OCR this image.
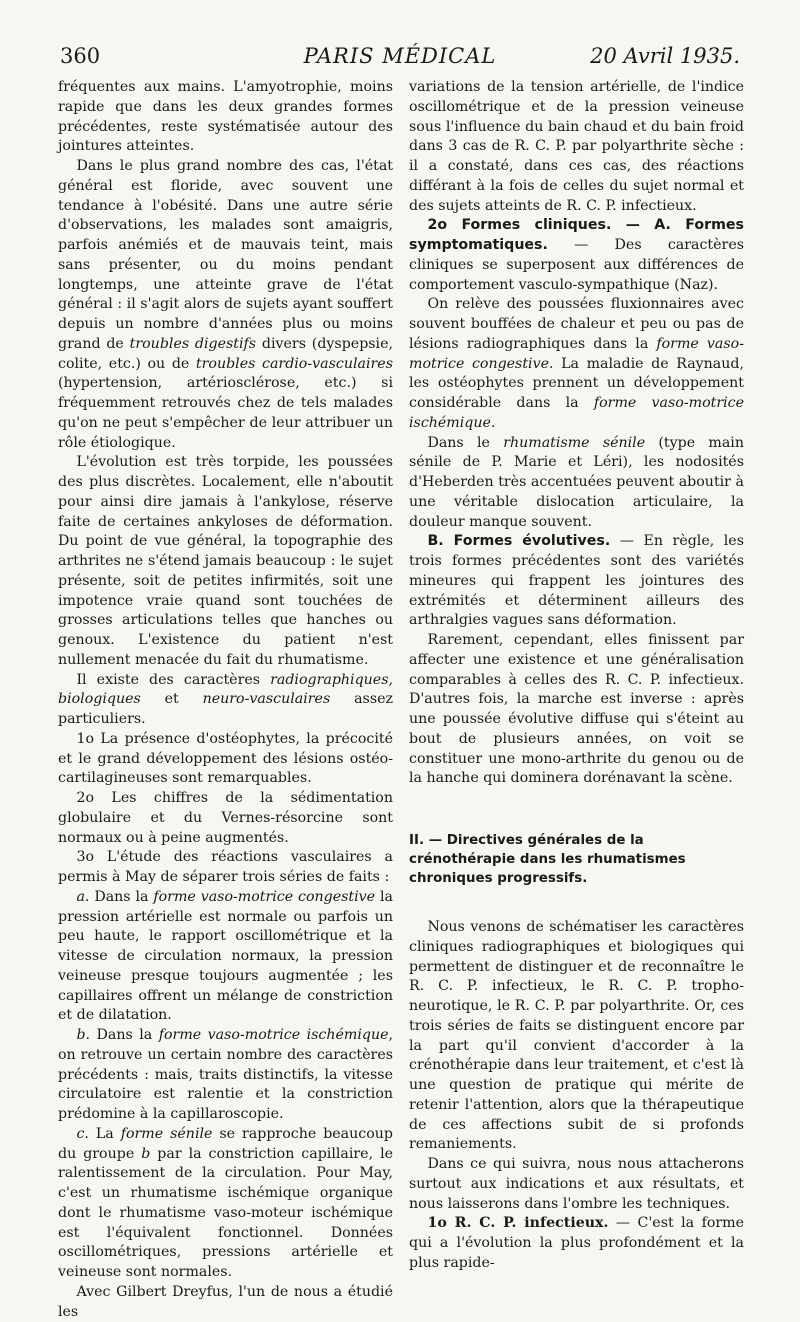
360	PARIS MÉDICAL	20 Avril 1935.

fréquentes aux mains. L'amyotrophie, moins rapide que dans les deux grandes formes précédentes, reste systématisée autour des jointures atteintes.

Dans le plus grand nombre des cas, l'état général est floride, avec souvent une tendance à l'obésité. Dans une autre série d'observations, les malades sont amaigris, parfois anémiés et de mauvais teint, mais sans présenter, ou du moins pendant longtemps, une atteinte grave de l'état général : il s'agit alors de sujets ayant souffert depuis un nombre d'années plus ou moins grand de troubles digestifs divers (dyspepsie, colite, etc.) ou de troubles cardio-vasculaires (hypertension, artériosclérose, etc.) si fréquemment retrouvés chez de tels malades qu'on ne peut s'empêcher de leur attribuer un rôle étiologique.

L'évolution est très torpide, les poussées des plus discrètes. Localement, elle n'aboutit pour ainsi dire jamais à l'ankylose, réserve faite de certaines ankyloses de déformation. Du point de vue général, la topographie des arthrites ne s'étend jamais beaucoup : le sujet présente, soit de petites infirmités, soit une impotence vraie quand sont touchées de grosses articulations telles que hanches ou genoux. L'existence du patient n'est nullement menacée du fait du rhumatisme.

Il existe des caractères radiographiques, biologiques et neuro-vasculaires assez particuliers.

1o La présence d'ostéophytes, la précocité et le grand développement des lésions ostéo-cartilagineuses sont remarquables.

2o Les chiffres de la sédimentation globulaire et du Vernes-résorcine sont normaux ou à peine augmentés.

3o L'étude des réactions vasculaires a permis à May de séparer trois séries de faits :

a. Dans la forme vaso-motrice congestive la pression artérielle est normale ou parfois un peu haute, le rapport oscillométrique et la vitesse de circulation normaux, la pression veineuse presque toujours augmentée ; les capillaires offrent un mélange de constriction et de dilatation.

b. Dans la forme vaso-motrice ischémique, on retrouve un certain nombre des caractères précédents : mais, traits distinctifs, la vitesse circulatoire est ralentie et la constriction prédomine à la capillaroscopie.

c. La forme sénile se rapproche beaucoup du groupe b par la constriction capillaire, le ralentissement de la circulation. Pour May, c'est un rhumatisme ischémique organique dont le rhumatisme vaso-moteur ischémique est l'équivalent fonctionnel. Données oscillométriques, pressions artérielle et veineuse sont normales.

Avec Gilbert Dreyfus, l'un de nous a étudié les

variations de la tension artérielle, de l'indice oscillométrique et de la pression veineuse sous l'influence du bain chaud et du bain froid dans 3 cas de R. C. P. par polyarthrite sèche : il a constaté, dans ces cas, des réactions différant à la fois de celles du sujet normal et des sujets atteints de R. C. P. infectieux.

2o Formes cliniques. — A. Formes symptomatiques. — Des caractères cliniques se superposent aux différences de comportement vasculo-sympathique (Naz).

On relève des poussées fluxionnaires avec souvent bouffées de chaleur et peu ou pas de lésions radiographiques dans la forme vaso-motrice congestive. La maladie de Raynaud, les ostéophytes prennent un développement considérable dans la forme vaso-motrice ischémique.

Dans le rhumatisme sénile (type main sénile de P. Marie et Léri), les nodosités d'Heberden très accentuées peuvent aboutir à une véritable dislocation articulaire, la douleur manque souvent.

B. Formes évolutives. — En règle, les trois formes précédentes sont des variétés mineures qui frappent les jointures des extrémités et déterminent ailleurs des arthralgies vagues sans déformation.

Rarement, cependant, elles finissent par affecter une existence et une généralisation comparables à celles des R. C. P. infectieux. D'autres fois, la marche est inverse : après une poussée évolutive diffuse qui s'éteint au bout de plusieurs années, on voit se constituer une mono-arthrite du genou ou de la hanche qui dominera dorénavant la scène.

II. — Directives générales de la crénothérapie dans les rhumatismes chroniques progressifs.

Nous venons de schématiser les caractères cliniques radiographiques et biologiques qui permettent de distinguer et de reconnaître le R. C. P. infectieux, le R. C. P. tropho-neurotique, le R. C. P. par polyarthrite. Or, ces trois séries de faits se distinguent encore par la part qu'il convient d'accorder à la crénothérapie dans leur traitement, et c'est là une question de pratique qui mérite de retenir l'attention, alors que la thérapeutique de ces affections subit de si profonds remaniements.

Dans ce qui suivra, nous nous attacherons surtout aux indications et aux résultats, et nous laisserons dans l'ombre les techniques.

1o R. C. P. infectieux. — C'est la forme qui a l'évolution la plus profondément et la plus rapide-
